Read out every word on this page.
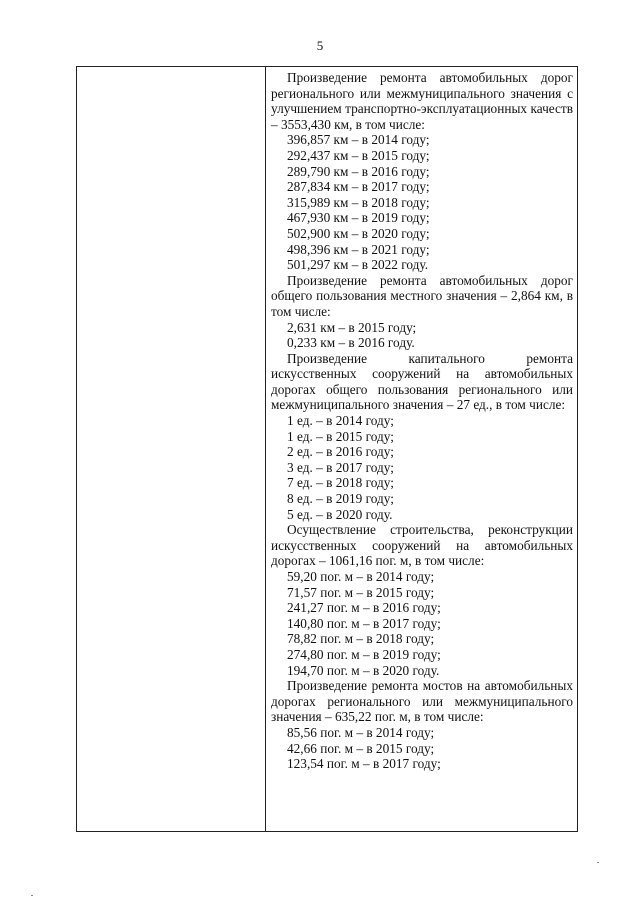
5
Произведение ремонта автомобильных дорог регионального или межмуниципального значения с улучшением транспортно-эксплуатационных качеств – 3553,430 км, в том числе:
396,857 км – в 2014 году;
292,437 км – в 2015 году;
289,790 км – в 2016 году;
287,834 км – в 2017 году;
315,989 км – в 2018 году;
467,930 км – в 2019 году;
502,900 км – в 2020 году;
498,396 км – в 2021 году;
501,297 км – в 2022 году.
Произведение ремонта автомобильных дорог общего пользования местного значения – 2,864 км, в том числе:
2,631 км – в 2015 году;
0,233 км – в 2016 году.
Произведение капитального ремонта искусственных сооружений на автомобильных дорогах общего пользования регионального или межмуниципального значения – 27 ед., в том числе:
1 ед. – в 2014 году;
1 ед. – в 2015 году;
2 ед. – в 2016 году;
3 ед. – в 2017 году;
7 ед. – в 2018 году;
8 ед. – в 2019 году;
5 ед. – в 2020 году.
Осуществление строительства, реконструкции искусственных сооружений на автомобильных дорогах – 1061,16 пог. м, в том числе:
59,20 пог. м – в 2014 году;
71,57 пог. м – в 2015 году;
241,27 пог. м – в 2016 году;
140,80 пог. м – в 2017 году;
78,82 пог. м – в 2018 году;
274,80 пог. м – в 2019 году;
194,70 пог. м – в 2020 году.
Произведение ремонта мостов на автомобильных дорогах регионального или межмуниципального значения – 635,22 пог. м, в том числе:
85,56 пог. м – в 2014 году;
42,66 пог. м – в 2015 году;
123,54 пог. м – в 2017 году;
